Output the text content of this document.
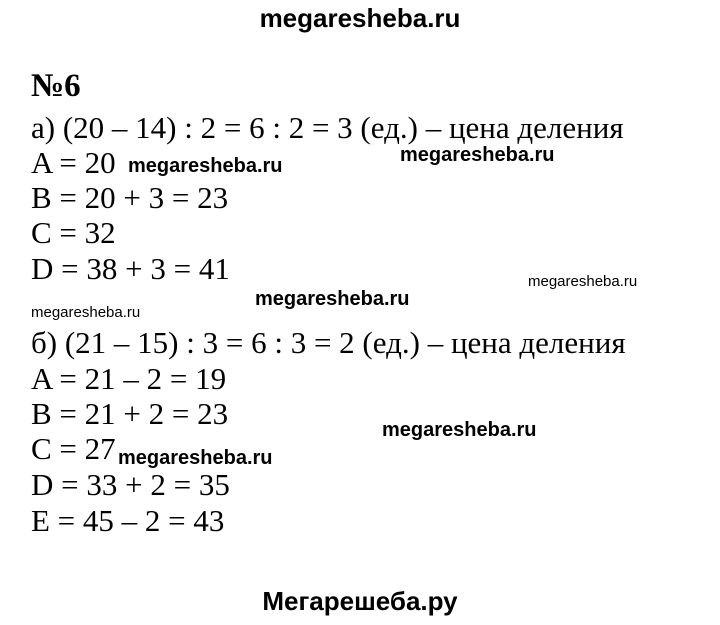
megaresheba.ru
№6
а) (20 – 14) : 2 = 6 : 2 = 3 (ед.) – цена деления
A = 20
B = 20 + 3 = 23
C = 32
D = 38 + 3 = 41
б) (21 – 15) : 3 = 6 : 3 = 2 (ед.) – цена деления
A = 21 – 2 = 19
B = 21 + 2 = 23
C = 27
D = 33 + 2 = 35
E = 45 – 2 = 43
megaresheba.ru	megaresheba.ru
megaresheba.ru
megaresheba.ru
megaresheba.ru
megaresheba.ru
megaresheba.ru
Мегарешеба.ру
